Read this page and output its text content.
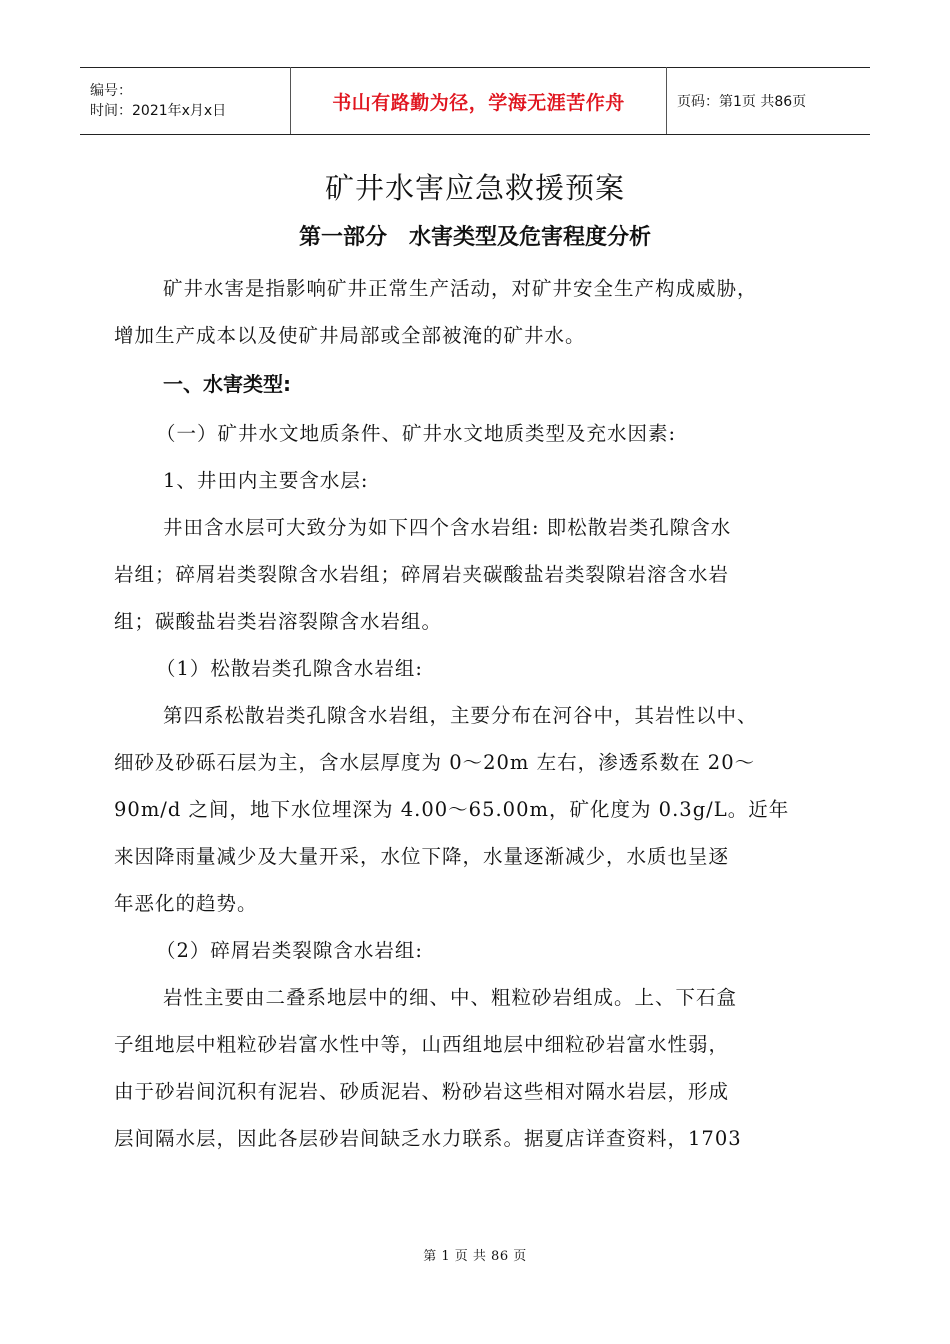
编号：
时间：2021年x月x日	书山有路勤为径，学海无涯苦作舟	页码：第1页 共86页
矿井水害应急救援预案
第一部分 水害类型及危害程度分析

矿井水害是指影响矿井正常生产活动，对矿井安全生产构成威胁，

增加生产成本以及使矿井局部或全部被淹的矿井水。

一、水害类型:

（一）矿井水文地质条件、矿井水文地质类型及充水因素:

1、井田内主要含水层:

井田含水层可大致分为如下四个含水岩组: 即松散岩类孔隙含水

岩组；碎屑岩类裂隙含水岩组；碎屑岩夹碳酸盐岩类裂隙岩溶含水岩
组；碳酸盐岩类岩溶裂隙含水岩组。

（1）松散岩类孔隙含水岩组:

第四系松散岩类孔隙含水岩组，主要分布在河谷中，其岩性以中、

细砂及砂砾石层为主，含水层厚度为 0～20m 左右，渗透系数在 20～
90m/d 之间，地下水位埋深为 4.00～65.00m，矿化度为 0.3g/L。近年
来因降雨量减少及大量开采，水位下降，水量逐渐减少，水质也呈逐
年恶化的趋势。

（2）碎屑岩类裂隙含水岩组:

岩性主要由二叠系地层中的细、中、粗粒砂岩组成。上、下石盒

子组地层中粗粒砂岩富水性中等，山西组地层中细粒砂岩富水性弱，
由于砂岩间沉积有泥岩、砂质泥岩、粉砂岩这些相对隔水岩层，形成
层间隔水层，因此各层砂岩间缺乏水力联系。据夏店详查资料，1703

第 1 页 共 86 页
